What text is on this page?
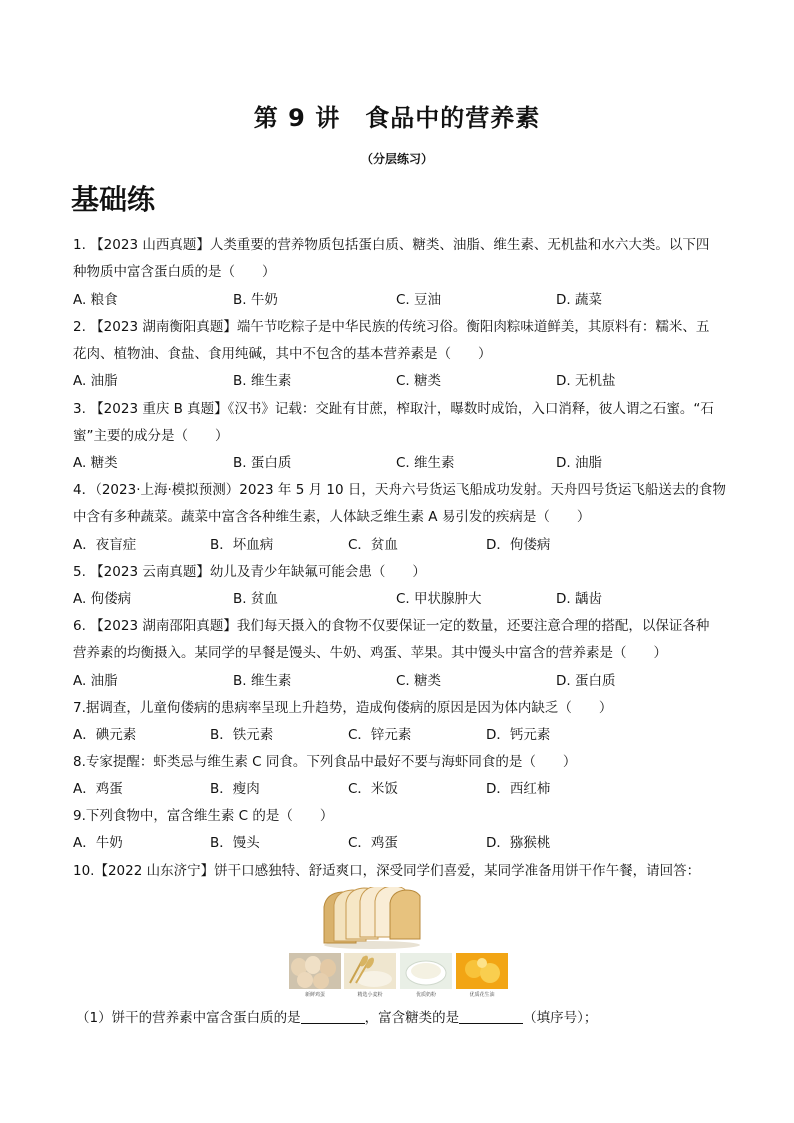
第 9 讲　食品中的营养素
（分层练习）
基础练
1. 【2023 山西真题】人类重要的营养物质包括蛋白质、糖类、油脂、维生素、无机盐和水六大类。以下四
种物质中富含蛋白质的是（　　）
A. 粮食	B. 牛奶	C. 豆油	D. 蔬菜
2. 【2023 湖南衡阳真题】端午节吃粽子是中华民族的传统习俗。衡阳肉粽味道鲜美，其原料有：糯米、五
花肉、植物油、食盐、食用纯碱，其中不包含的基本营养素是（　　）
A. 油脂	B. 维生素	C. 糖类	D. 无机盐
3. 【2023 重庆 B 真题】《汉书》记载：交趾有甘蔗，榨取汁，曝数时成饴，入口消释，彼人谓之石蜜。“石
蜜”主要的成分是（　　）
A. 糖类	B. 蛋白质	C. 维生素	D. 油脂
4．（2023·上海·模拟预测）2023 年 5 月 10 日，天舟六号货运飞船成功发射。天舟四号货运飞船送去的食物
中含有多种蔬菜。蔬菜中富含各种维生素，人体缺乏维生素 A 易引发的疾病是（　　）
A．夜盲症	B．坏血病	C．贫血	D．佝偻病
5. 【2023 云南真题】幼儿及青少年缺氟可能会患（　　）
A. 佝偻病	B. 贫血	C. 甲状腺肿大	D. 龋齿
6. 【2023 湖南邵阳真题】我们每天摄入的食物不仅要保证一定的数量，还要注意合理的搭配，以保证各种
营养素的均衡摄入。某同学的早餐是馒头、牛奶、鸡蛋、苹果。其中馒头中富含的营养素是（　　）
A. 油脂	B. 维生素	C. 糖类	D. 蛋白质
7.据调查，儿童佝偻病的患病率呈现上升趋势，造成佝偻病的原因是因为体内缺乏（　　）
A．碘元素	B．铁元素	C．锌元素	D．钙元素
8.专家提醒：虾类忌与维生素 C 同食。下列食品中最好不要与海虾同食的是（　　）
A．鸡蛋	B．瘦肉	C．米饭	D．西红柿
9.下列食物中，富含维生素 C 的是（　　）
A．牛奶	B．馒头	C．鸡蛋	D．猕猴桃
10.【2022 山东济宁】饼干口感独特、舒适爽口，深受同学们喜爱，某同学准备用饼干作午餐，请回答：
新鲜鸡蛋	精选小麦粉	优质奶粉	优质花生油
（1）饼干的营养素中富含蛋白质的是	，富含糖类的是	（填序号）；
